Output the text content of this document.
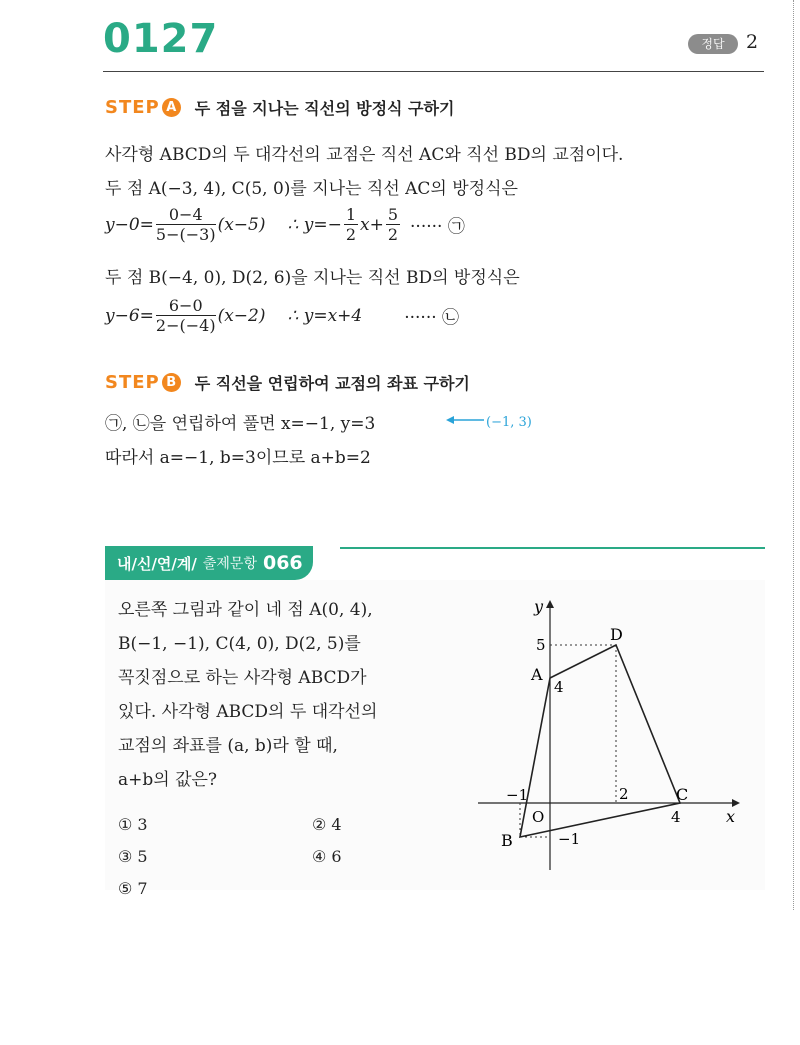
0127	정답	2
STEP A 두 점을 지나는 직선의 방정식 구하기
사각형 ABCD의 두 대각선의 교점은 직선 AC와 직선 BD의 교점이다.
두 점 A(−3, 4), C(5, 0)를 지나는 직선 AC의 방정식은
$y-0= \frac{0-4}{5-(-3)} (x-5)$ ∴ $y=- \frac{1}{2} x+ \frac{5}{2}$ ······ ㉠
두 점 B(−4, 0), D(2, 6)을 지나는 직선 BD의 방정식은
$y-6= \frac{6-0}{2-(-4)} (x-2)$ ∴ y=x+4 ······ ㉡
STEP B 두 직선을 연립하여 교점의 좌표 구하기
㉠, ㉡을 연립하여 풀면 x=−1, y=3	(−1, 3)
따라서 a=−1, b=3이므로 a+b=2
내/신/연/계/ 출제문항 066
오른쪽 그림과 같이 네 점 A(0, 4),
B(−1, −1), C(4, 0), D(2, 5)를
꼭짓점으로 하는 사각형 ABCD가
있다. 사각형 ABCD의 두 대각선의
교점의 좌표를 (a, b)라 할 때,
a+b의 값은?
① 3	② 4
③ 5	④ 6
⑤ 7
y
x
O
A
D
C
B
5
4
2
4
−1
−1
